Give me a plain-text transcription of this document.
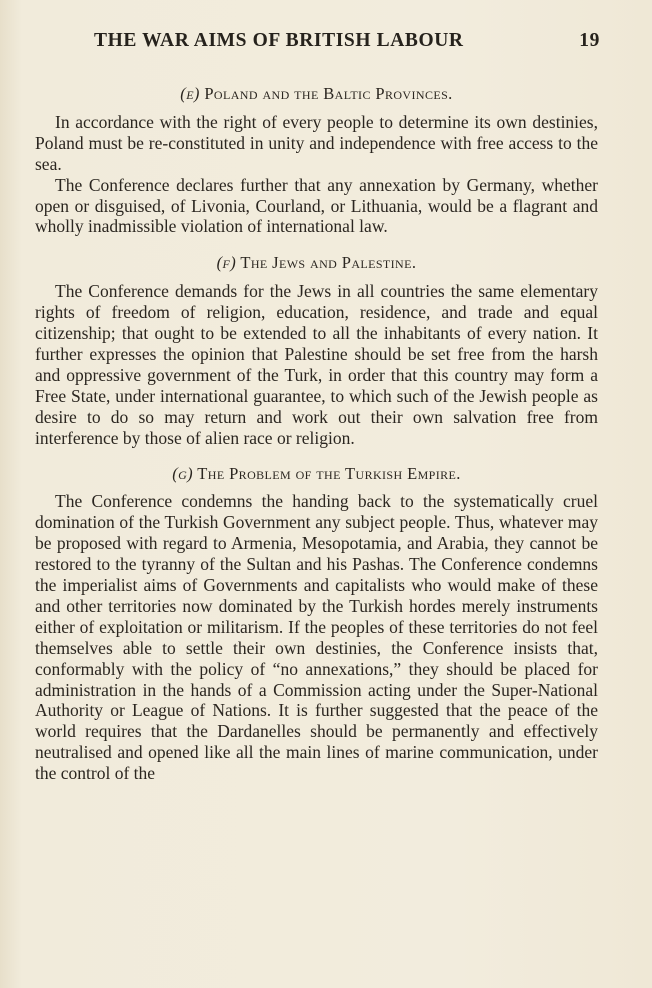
THE WAR AIMS OF BRITISH LABOUR	19
(e) Poland and the Baltic Provinces.

In accordance with the right of every people to determine its own destinies, Poland must be re-constituted in unity and independence with free access to the sea.

The Conference declares further that any annexation by Germany, whether open or disguised, of Livonia, Courland, or Lithuania, would be a flagrant and wholly inadmissible violation of international law.

(f) The Jews and Palestine.

The Conference demands for the Jews in all countries the same elementary rights of freedom of religion, education, residence, and trade and equal citizenship; that ought to be extended to all the inhabitants of every nation. It further expresses the opinion that Palestine should be set free from the harsh and oppressive government of the Turk, in order that this country may form a Free State, under international guarantee, to which such of the Jewish people as desire to do so may return and work out their own salvation free from interference by those of alien race or religion.

(g) The Problem of the Turkish Empire.

The Conference condemns the handing back to the systematically cruel domination of the Turkish Government any subject people. Thus, whatever may be proposed with regard to Armenia, Mesopotamia, and Arabia, they cannot be restored to the tyranny of the Sultan and his Pashas. The Conference condemns the imperialist aims of Governments and capitalists who would make of these and other territories now dominated by the Turkish hordes merely instruments either of exploitation or militarism. If the peoples of these territories do not feel themselves able to settle their own destinies, the Conference insists that, conformably with the policy of “no annexations,” they should be placed for administration in the hands of a Commission acting under the Super-National Authority or League of Nations. It is further suggested that the peace of the world requires that the Dardanelles should be permanently and effectively neutralised and opened like all the main lines of marine communication, under the control of the
